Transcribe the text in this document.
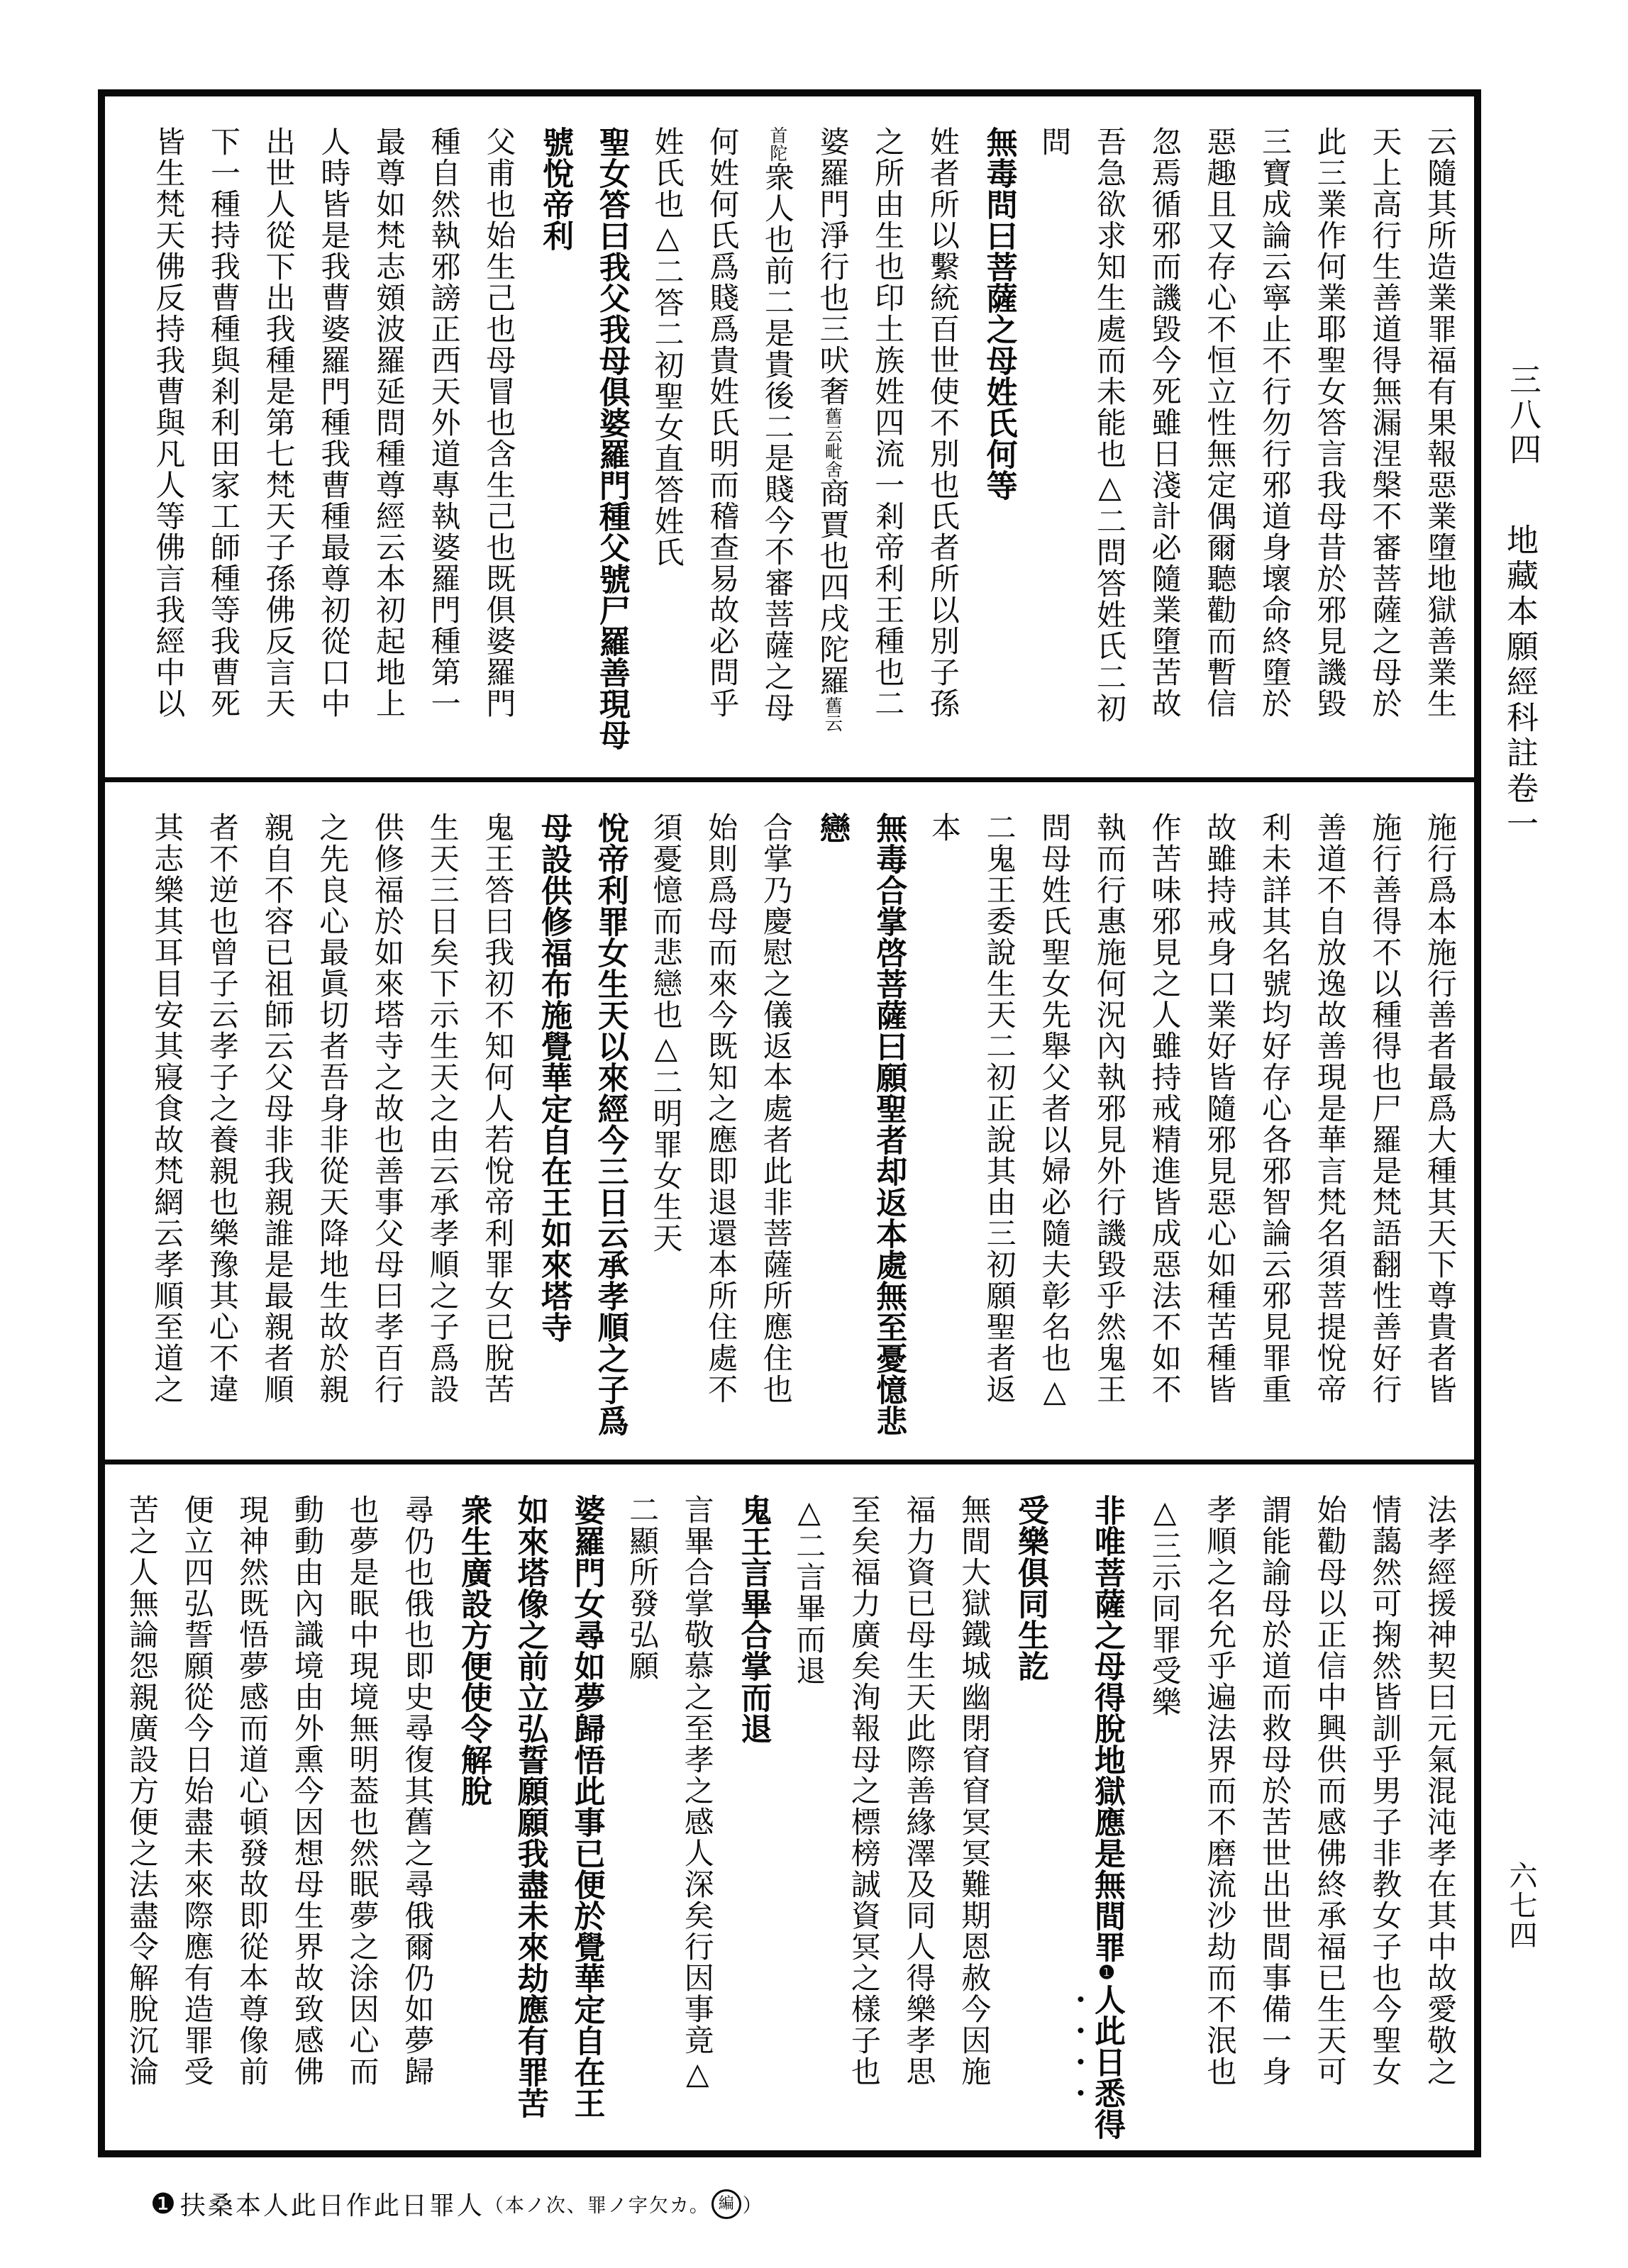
云隨其所造業罪福有果報惡業墮地獄善業生
天上高行生善道得無漏涅槃不審菩薩之母於
此三業作何業耶聖女答言我母昔於邪見譏毀
三寶成論云寧止不行勿行邪道身壞命終墮於
惡趣且又存心不恒立性無定偶爾聽勸而暫信
忽焉循邪而譏毀今死雖日淺計必隨業墮苦故
吾急欲求知生處而未能也△二問答姓氏二初
問
無毒問曰菩薩之母姓氏何等
姓者所以繫統百世使不別也氏者所以別子孫
之所由生也印土族姓四流一剎帝利王種也二
婆羅門淨行也三吠奢舊云毗舍商賈也四戌陀羅舊云
首陀衆人也前二是貴後二是賤今不審菩薩之母
何姓何氏爲賤爲貴姓氏明而稽查易故必問乎
姓氏也△二答二初聖女直答姓氏
聖女答曰我父我母俱婆羅門種父號尸羅善現母
號悅帝利
父甫也始生己也母冒也含生己也既俱婆羅門
種自然執邪謗正西天外道專執婆羅門種第一
最尊如梵志頞波羅延問種尊經云本初起地上
人時皆是我曹婆羅門種我曹種最尊初從口中
出世人從下出我種是第七梵天子孫佛反言天
下一種持我曹種與剎利田家工師種等我曹死
皆生梵天佛反持我曹與凡人等佛言我經中以
施行爲本施行善者最爲大種其天下尊貴者皆
施行善得不以種得也尸羅是梵語翻性善好行
善道不自放逸故善現是華言梵名須菩提悅帝
利未詳其名號均好存心各邪智論云邪見罪重
故雖持戒身口業好皆隨邪見惡心如種苦種皆
作苦味邪見之人雖持戒精進皆成惡法不如不
執而行惠施何況內執邪見外行譏毀乎然鬼王
問母姓氏聖女先舉父者以婦必隨夫彰名也△
二鬼王委說生天二初正說其由三初願聖者返
本
無毒合掌啓菩薩曰願聖者却返本處無至憂憶悲
戀
合掌乃慶慰之儀返本處者此非菩薩所應住也
始則爲母而來今既知之應即退還本所住處不
須憂憶而悲戀也△二明罪女生天
悅帝利罪女生天以來經今三日云承孝順之子爲
母設供修福布施覺華定自在王如來塔寺
鬼王答曰我初不知何人若悅帝利罪女已脫苦
生天三日矣下示生天之由云承孝順之子爲設
供修福於如來塔寺之故也善事父母曰孝百行
之先良心最眞切者吾身非從天降地生故於親
親自不容已祖師云父母非我親誰是最親者順
者不逆也曾子云孝子之養親也樂豫其心不違
其志樂其耳目安其寢食故梵網云孝順至道之
法孝經援神契曰元氣混沌孝在其中故愛敬之
情藹然可掬然皆訓乎男子非教女子也今聖女
始勸母以正信中興供而感佛終承福已生天可
謂能諭母於道而救母於苦世出世間事備一身
孝順之名允乎遍法界而不磨流沙劫而不泯也
△三示同罪受樂
非唯菩薩之母得脫地獄應是無間罪❶人此日悉得
受樂俱同生訖
無間大獄鐵城幽閉窅窅冥冥難期恩赦今因施
福力資已母生天此際善緣澤及同人得樂孝思
至矣福力廣矣洵報母之標榜誠資冥之樣子也
△二言畢而退
鬼王言畢合掌而退
言畢合掌敬慕之至孝之感人深矣行因事竟△
二顯所發弘願
婆羅門女尋如夢歸悟此事已便於覺華定自在王
如來塔像之前立弘誓願願我盡未來劫應有罪苦
衆生廣設方便使令解脫
尋仍也俄也即史尋復其舊之尋俄爾仍如夢歸
也夢是眠中現境無明葢也然眠夢之涂因心而
動動由內識境由外熏今因想母生界故致感佛
現神然既悟夢感而道心頓發故即從本尊像前
便立四弘誓願從今日始盡未來際應有造罪受
苦之人無論怨親廣設方便之法盡令解脫沉淪
三八四
地藏本願經科註卷一
六七四
❶ 扶桑本人此日作此日罪人 （本ノ次、罪ノ字欠カ。 編 ）
